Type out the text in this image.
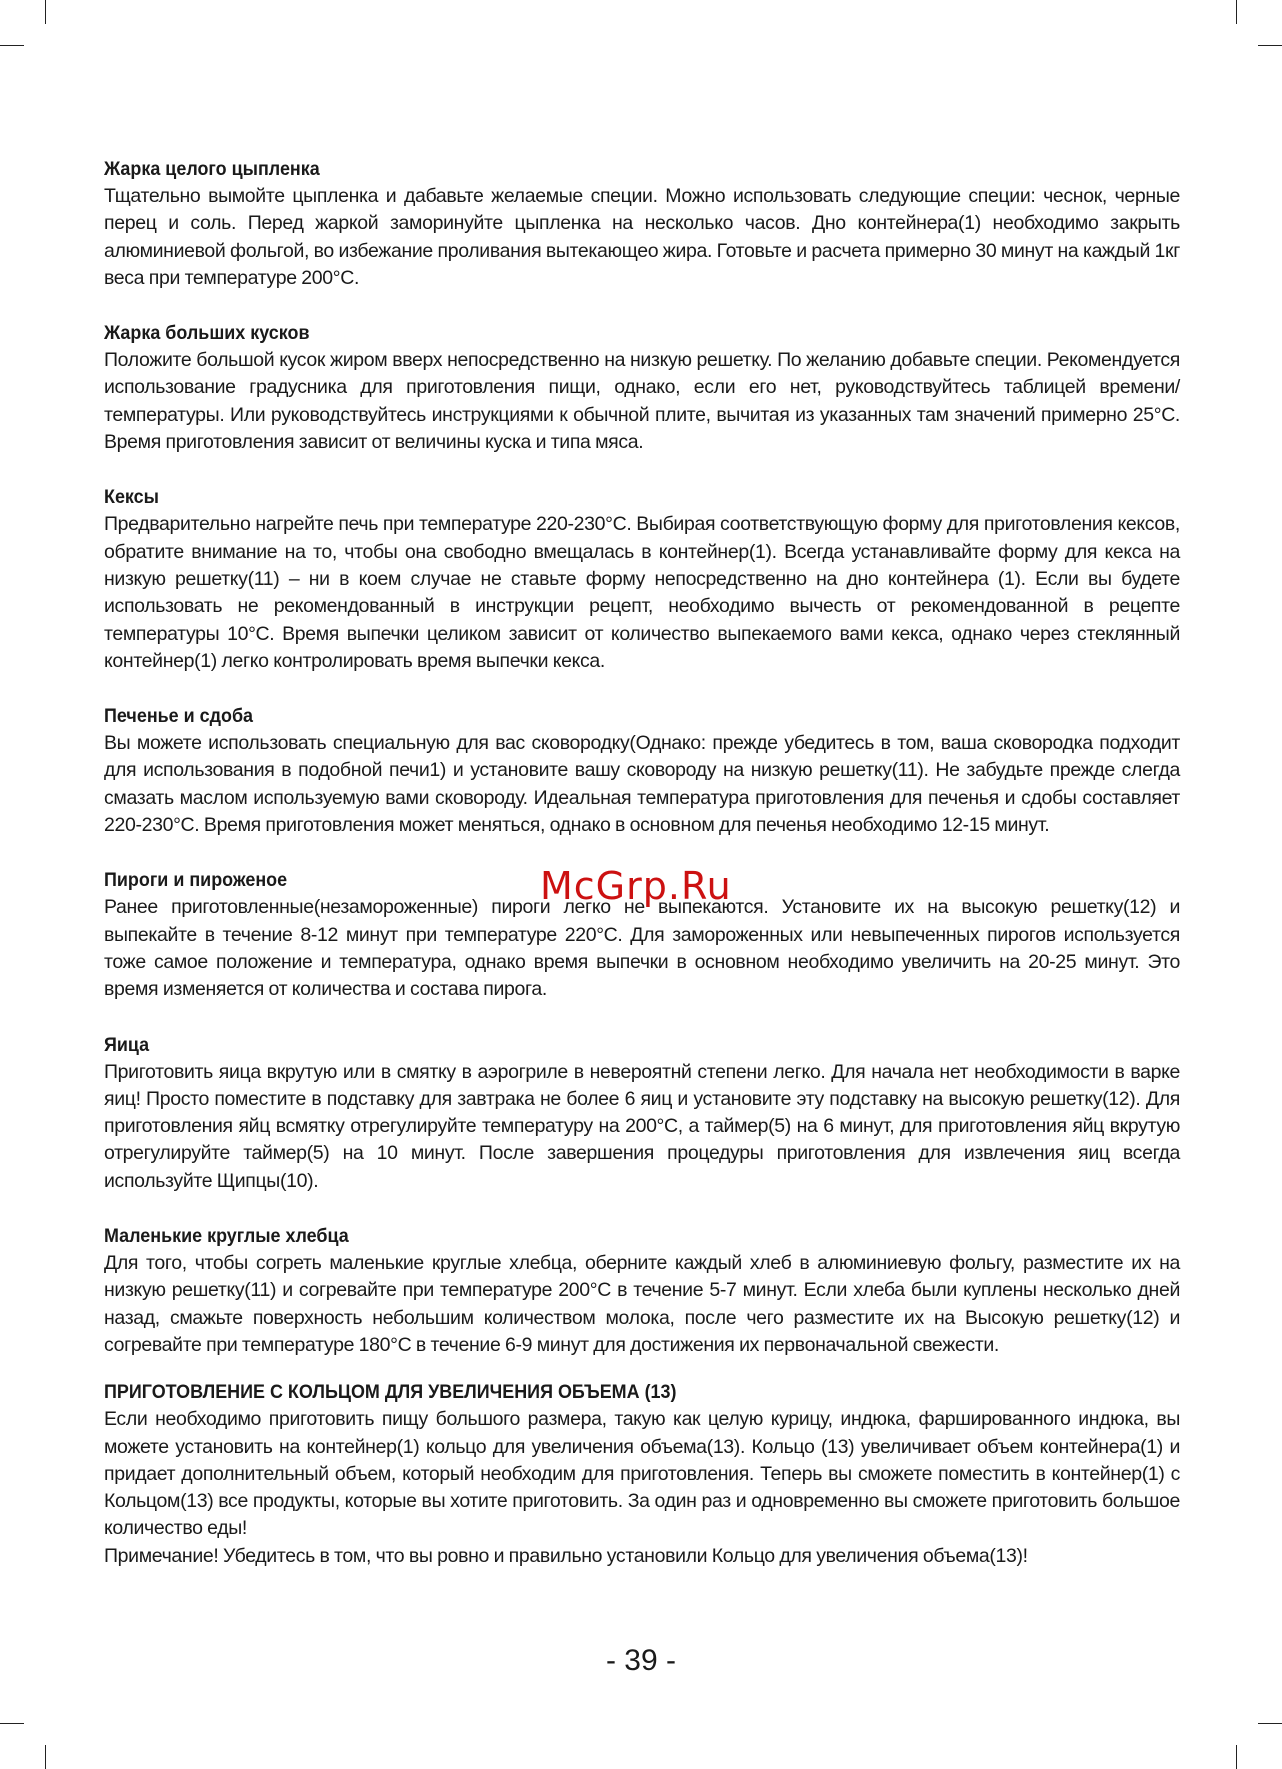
Жарка целого цыпленка

Тщательно вымойте цыпленка и дабавьте желаемые специи. Можно использовать следующие специи: чеснок, черные перец и соль. Перед жаркой заморинуйте цыпленка на несколько часов. Дно контейнера(1) необходимо закрыть алюминиевой фольгой, во избежание проливания вытекающео жира. Готовьте и расчета примерно 30 минут на каждый 1кг веса при температуре 200°С.

Жарка больших кусков

Положите большой кусок жиром вверх непосредственно на низкую решетку. По желанию добавьте специи. Рекомендуется использование градусника для приготовления пищи, однако, если его нет, руководствуйтесь таблицей времени/температуры. Или руководствуйтесь инструкциями к обычной плите, вычитая из указанных там значений примерно 25°С. Время приготовления зависит от величины куска и типа мяса.

Кексы

Предварительно нагрейте печь при температуре 220-230°С. Выбирая соответствующую форму для приготовления кексов, обратите внимание на то, чтобы она свободно вмещалась в контейнер(1). Всегда устанавливайте форму для кекса на низкую решетку(11) – ни в коем случае не ставьте форму непосредственно на дно контейнера (1). Если вы будете использовать не рекомендованный в инструкции рецепт, необходимо вычесть от рекомендованной в рецепте температуры 10°С. Время выпечки целиком зависит от количество выпекаемого вами кекса, однако через стеклянный контейнер(1) легко контролировать время выпечки кекса.

Печенье и сдоба

Вы можете использовать специальную для вас сковородку(Однако: прежде убедитесь в том, ваша сковородка подходит для использования в подобной печи1) и установите вашу сковороду на низкую решетку(11). Не забудьте прежде слегда смазать маслом используемую вами сковороду. Идеальная температура приготовления для печенья и сдобы составляет 220-230°С. Время приготовления может меняться, однако в основном для печенья необходимо 12-15 минут.

Пироги и пироженое

Ранее приготовленные(незамороженные) пироги легко не выпекаются. Установите их на высокую решетку(12) и выпекайте в течение 8-12 минут при температуре 220°С. Для замороженных или невыпеченных пирогов используется тоже самое положение и температура, однако время выпечки в основном необходимо увеличить на 20-25 минут. Это время изменяется от количества и состава пирога.

Яица

Приготовить яица вкрутую или в смятку в аэрогриле в невероятнй степени легко. Для начала нет необходимости в варке яиц! Просто поместите в подставку для завтрака не более 6 яиц и установите эту подставку на высокую решетку(12). Для приготовления яйц всмятку отрегулируйте температуру на 200°С, а таймер(5) на 6 минут, для приготовления яйц вкрутую отрегулируйте таймер(5) на 10 минут. После завершения процедуры приготовления для извлечения яиц всегда используйте Щипцы(10).

Маленькие круглые хлебца

Для того, чтобы согреть маленькие круглые хлебца, оберните каждый хлеб в алюминиевую фольгу, разместите их на низкую решетку(11) и согревайте при температуре 200°С в течение 5-7 минут. Если хлеба были куплены несколько дней назад, смажьте поверхность небольшим количеством молока, после чего разместите их на Высокую решетку(12) и согревайте при температуре 180°С в течение 6-9 минут для достижения их первоначальной свежести.

ПРИГОТОВЛЕНИЕ С КОЛЬЦОМ ДЛЯ УВЕЛИЧЕНИЯ ОБЪЕМА (13)

Если необходимо приготовить пищу большого размера, такую как целую курицу, индюка, фаршированного индюка, вы можете установить на контейнер(1) кольцо для увеличения объема(13). Кольцо (13) увеличивает объем контейнера(1) и придает дополнительный объем, который необходим для приготовления. Теперь вы сможете поместить в контейнер(1) с Кольцом(13) все продукты, которые вы хотите приготовить. За один раз и одновременно вы сможете приготовить большое количество еды!

Примечание! Убедитесь в том, что вы ровно и правильно установили Кольцо для увеличения объема(13)!

McGrp.Ru
- 39 -
